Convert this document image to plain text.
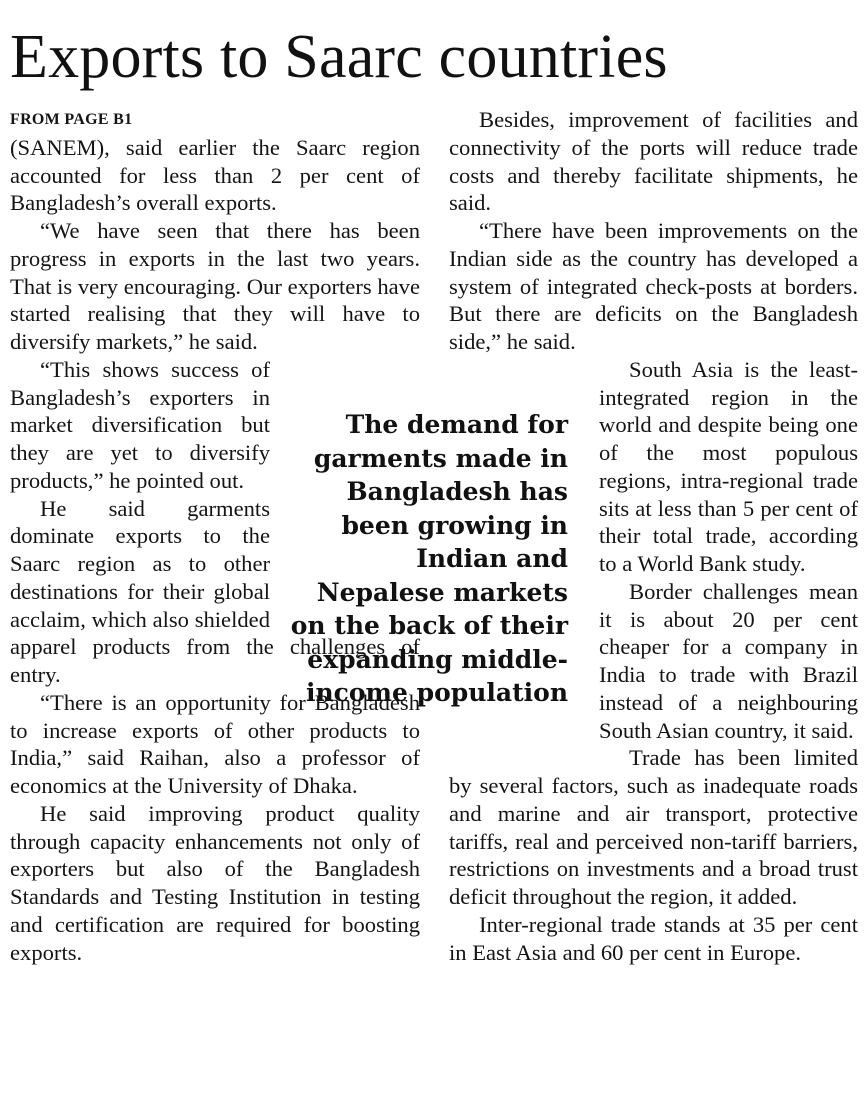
Exports to Saarc countries
FROM PAGE B1

(SANEM), said earlier the Saarc region accounted for less than 2 per cent of Bangladesh’s overall exports.

“We have seen that there has been progress in exports in the last two years. That is very encouraging. Our exporters have started realising that they will have to diversify markets,” he said.

“This shows success of Bangladesh’s exporters in market diversification but they are yet to diversify products,” he pointed out.

He said garments dominate exports to the Saarc region as to other destinations for their global acclaim, which also shielded apparel products from the challenges of entry.

“There is an opportunity for Bangladesh to increase exports of other products to India,” said Raihan, also a professor of economics at the University of Dhaka.

He said improving product quality through capacity enhancements not only of exporters but also of the Bangladesh Standards and Testing Institution in testing and certification are required for boosting exports.

Besides, improvement of facilities and connectivity of the ports will reduce trade costs and thereby facilitate shipments, he said.

“There have been improvements on the Indian side as the country has developed a system of integrated check-posts at borders. But there are deficits on the Bangladesh side,” he said.

South Asia is the least-integrated region in the world and despite being one of the most populous regions, intra-regional trade sits at less than 5 per cent of their total trade, according to a World Bank study.

Border challenges mean it is about 20 per cent cheaper for a company in India to trade with Brazil instead of a neighbouring South Asian country, it said.

Trade has been limited by several factors, such as inadequate roads and marine and air transport, protective tariffs, real and perceived non-tariff barriers, restrictions on investments and a broad trust deficit throughout the region, it added.

Inter-regional trade stands at 35 per cent in East Asia and 60 per cent in Europe.

The demand for garments made in Bangladesh has been growing in Indian and Nepalese markets on the back of their expanding middle-income population
